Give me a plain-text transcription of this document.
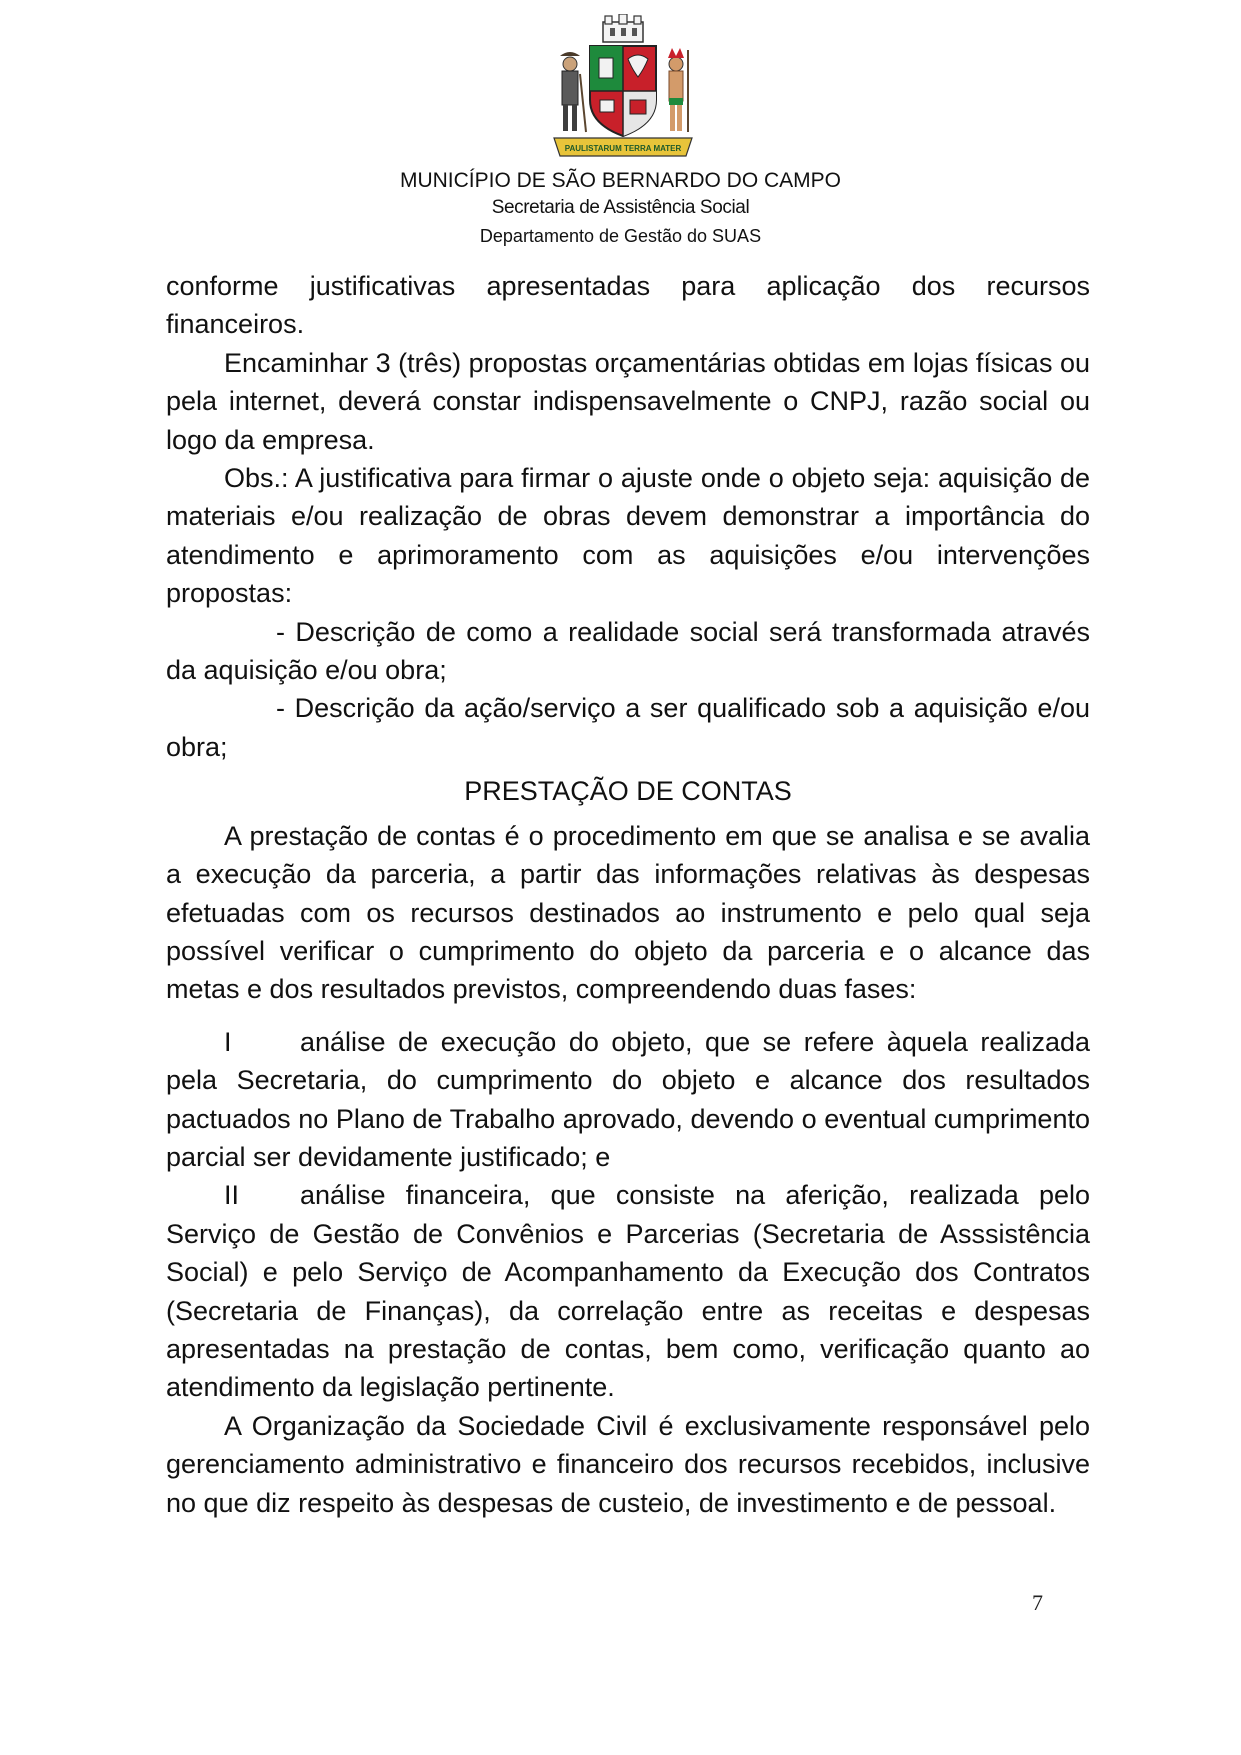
PAULISTARUM TERRA MATER
MUNICÍPIO DE SÃO BERNARDO DO CAMPO
Secretaria de Assistência Social
Departamento de Gestão do SUAS

conforme justificativas apresentadas para aplicação dos recursos financeiros.

Encaminhar 3 (três) propostas orçamentárias obtidas em lojas físicas ou pela internet, deverá constar indispensavelmente o CNPJ, razão social ou logo da empresa.

Obs.: A justificativa para firmar o ajuste onde o objeto seja: aquisição de materiais e/ou realização de obras devem demonstrar a importância do atendimento e aprimoramento com as aquisições e/ou intervenções propostas:

- Descrição de como a realidade social será transformada através da aquisição e/ou obra;

- Descrição da ação/serviço a ser qualificado sob a aquisição e/ou obra;

PRESTAÇÃO DE CONTAS

A prestação de contas é o procedimento em que se analisa e se avalia a execução da parceria, a partir das informações relativas às despesas efetuadas com os recursos destinados ao instrumento e pelo qual seja possível verificar o cumprimento do objeto da parceria e o alcance das metas e dos resultados previstos, compreendendo duas fases:

I	análise de execução do objeto, que se refere àquela realizada pela Secretaria, do cumprimento do objeto e alcance dos resultados pactuados no Plano de Trabalho aprovado, devendo o eventual cumprimento parcial ser devidamente justificado; e

II análise financeira, que consiste na aferição, realizada pelo Serviço de Gestão de Convênios e Parcerias (Secretaria de Asssistência Social) e pelo Serviço de Acompanhamento da Execução dos Contratos (Secretaria de Finanças), da correlação entre as receitas e despesas apresentadas na prestação de contas, bem como, verificação quanto ao atendimento da legislação pertinente.

A Organização da Sociedade Civil é exclusivamente responsável pelo gerenciamento administrativo e financeiro dos recursos recebidos, inclusive no que diz respeito às despesas de custeio, de investimento e de pessoal.

7
